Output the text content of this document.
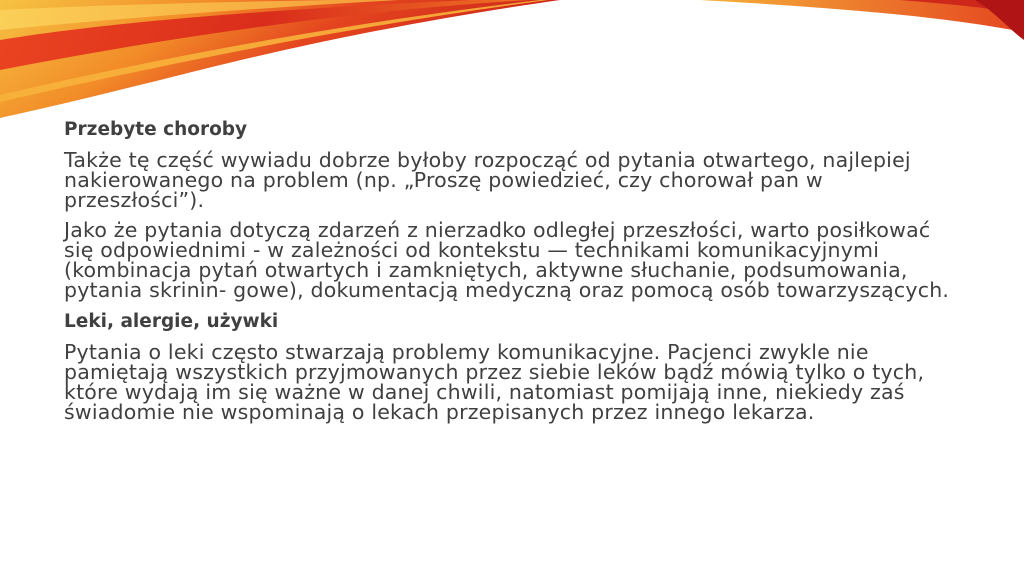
Przebyte choroby
Także tę część wywiadu dobrze byłoby rozpocząć od pytania otwartego, najlepiej nakierowanego na problem (np. „Proszę powiedzieć, czy chorował pan w przeszłości”).
Jako że pytania dotyczą zdarzeń z nierzadko odległej przeszłości, warto posiłkować się odpowiednimi - w zależności od kontekstu — technikami komunikacyjnymi (kombinacja pytań otwartych i zamkniętych, aktywne słuchanie, podsumowania, pytania skrinin- gowe), dokumentacją medyczną oraz pomocą osób towarzyszących.
Leki, alergie, używki
Pytania o leki często stwarzają problemy komunikacyjne. Pacjenci zwykle nie pamiętają wszystkich przyjmowanych przez siebie leków bądź mówią tylko o tych, które wydają im się ważne w danej chwili, natomiast pomijają inne, niekiedy zaś świadomie nie wspominają o lekach przepisanych przez innego lekarza.
